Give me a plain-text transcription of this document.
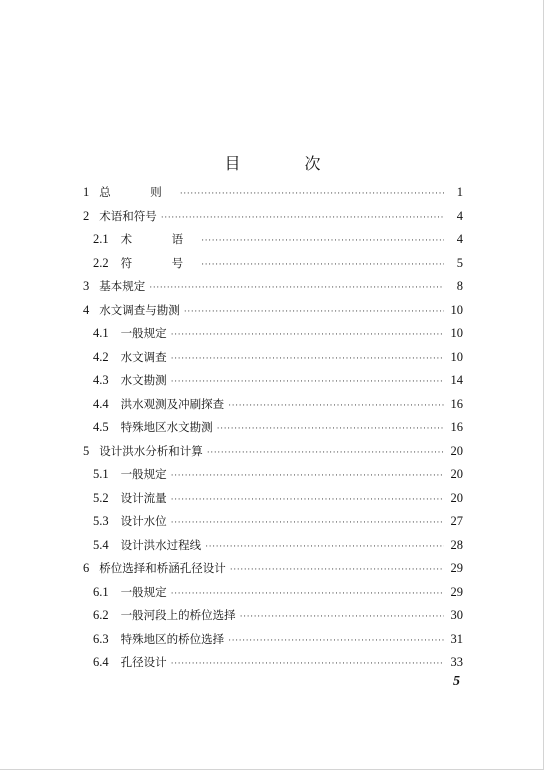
目　次
1 总　则 ·····	1
2 术语和符号 ·····	4
2.1 术　语 ·····	4
2.2 符　号 ·····	5
3 基本规定 ·····	8
4 水文调查与勘测 ·····	10
4.1 一般规定 ·····	10
4.2 水文调查 ·····	10
4.3 水文勘测 ·····	14
4.4 洪水观测及冲刷探查 ·····	16
4.5 特殊地区水文勘测 ·····	16
5 设计洪水分析和计算 ·····	20
5.1 一般规定 ·····	20
5.2 设计流量 ·····	20
5.3 设计水位 ·····	27
5.4 设计洪水过程线 ·····	28
6 桥位选择和桥涵孔径设计 ·····	29
6.1 一般规定 ·····	29
6.2 一般河段上的桥位选择 ·····	30
6.3 特殊地区的桥位选择 ·····	31
6.4 孔径设计 ·····	33
5
